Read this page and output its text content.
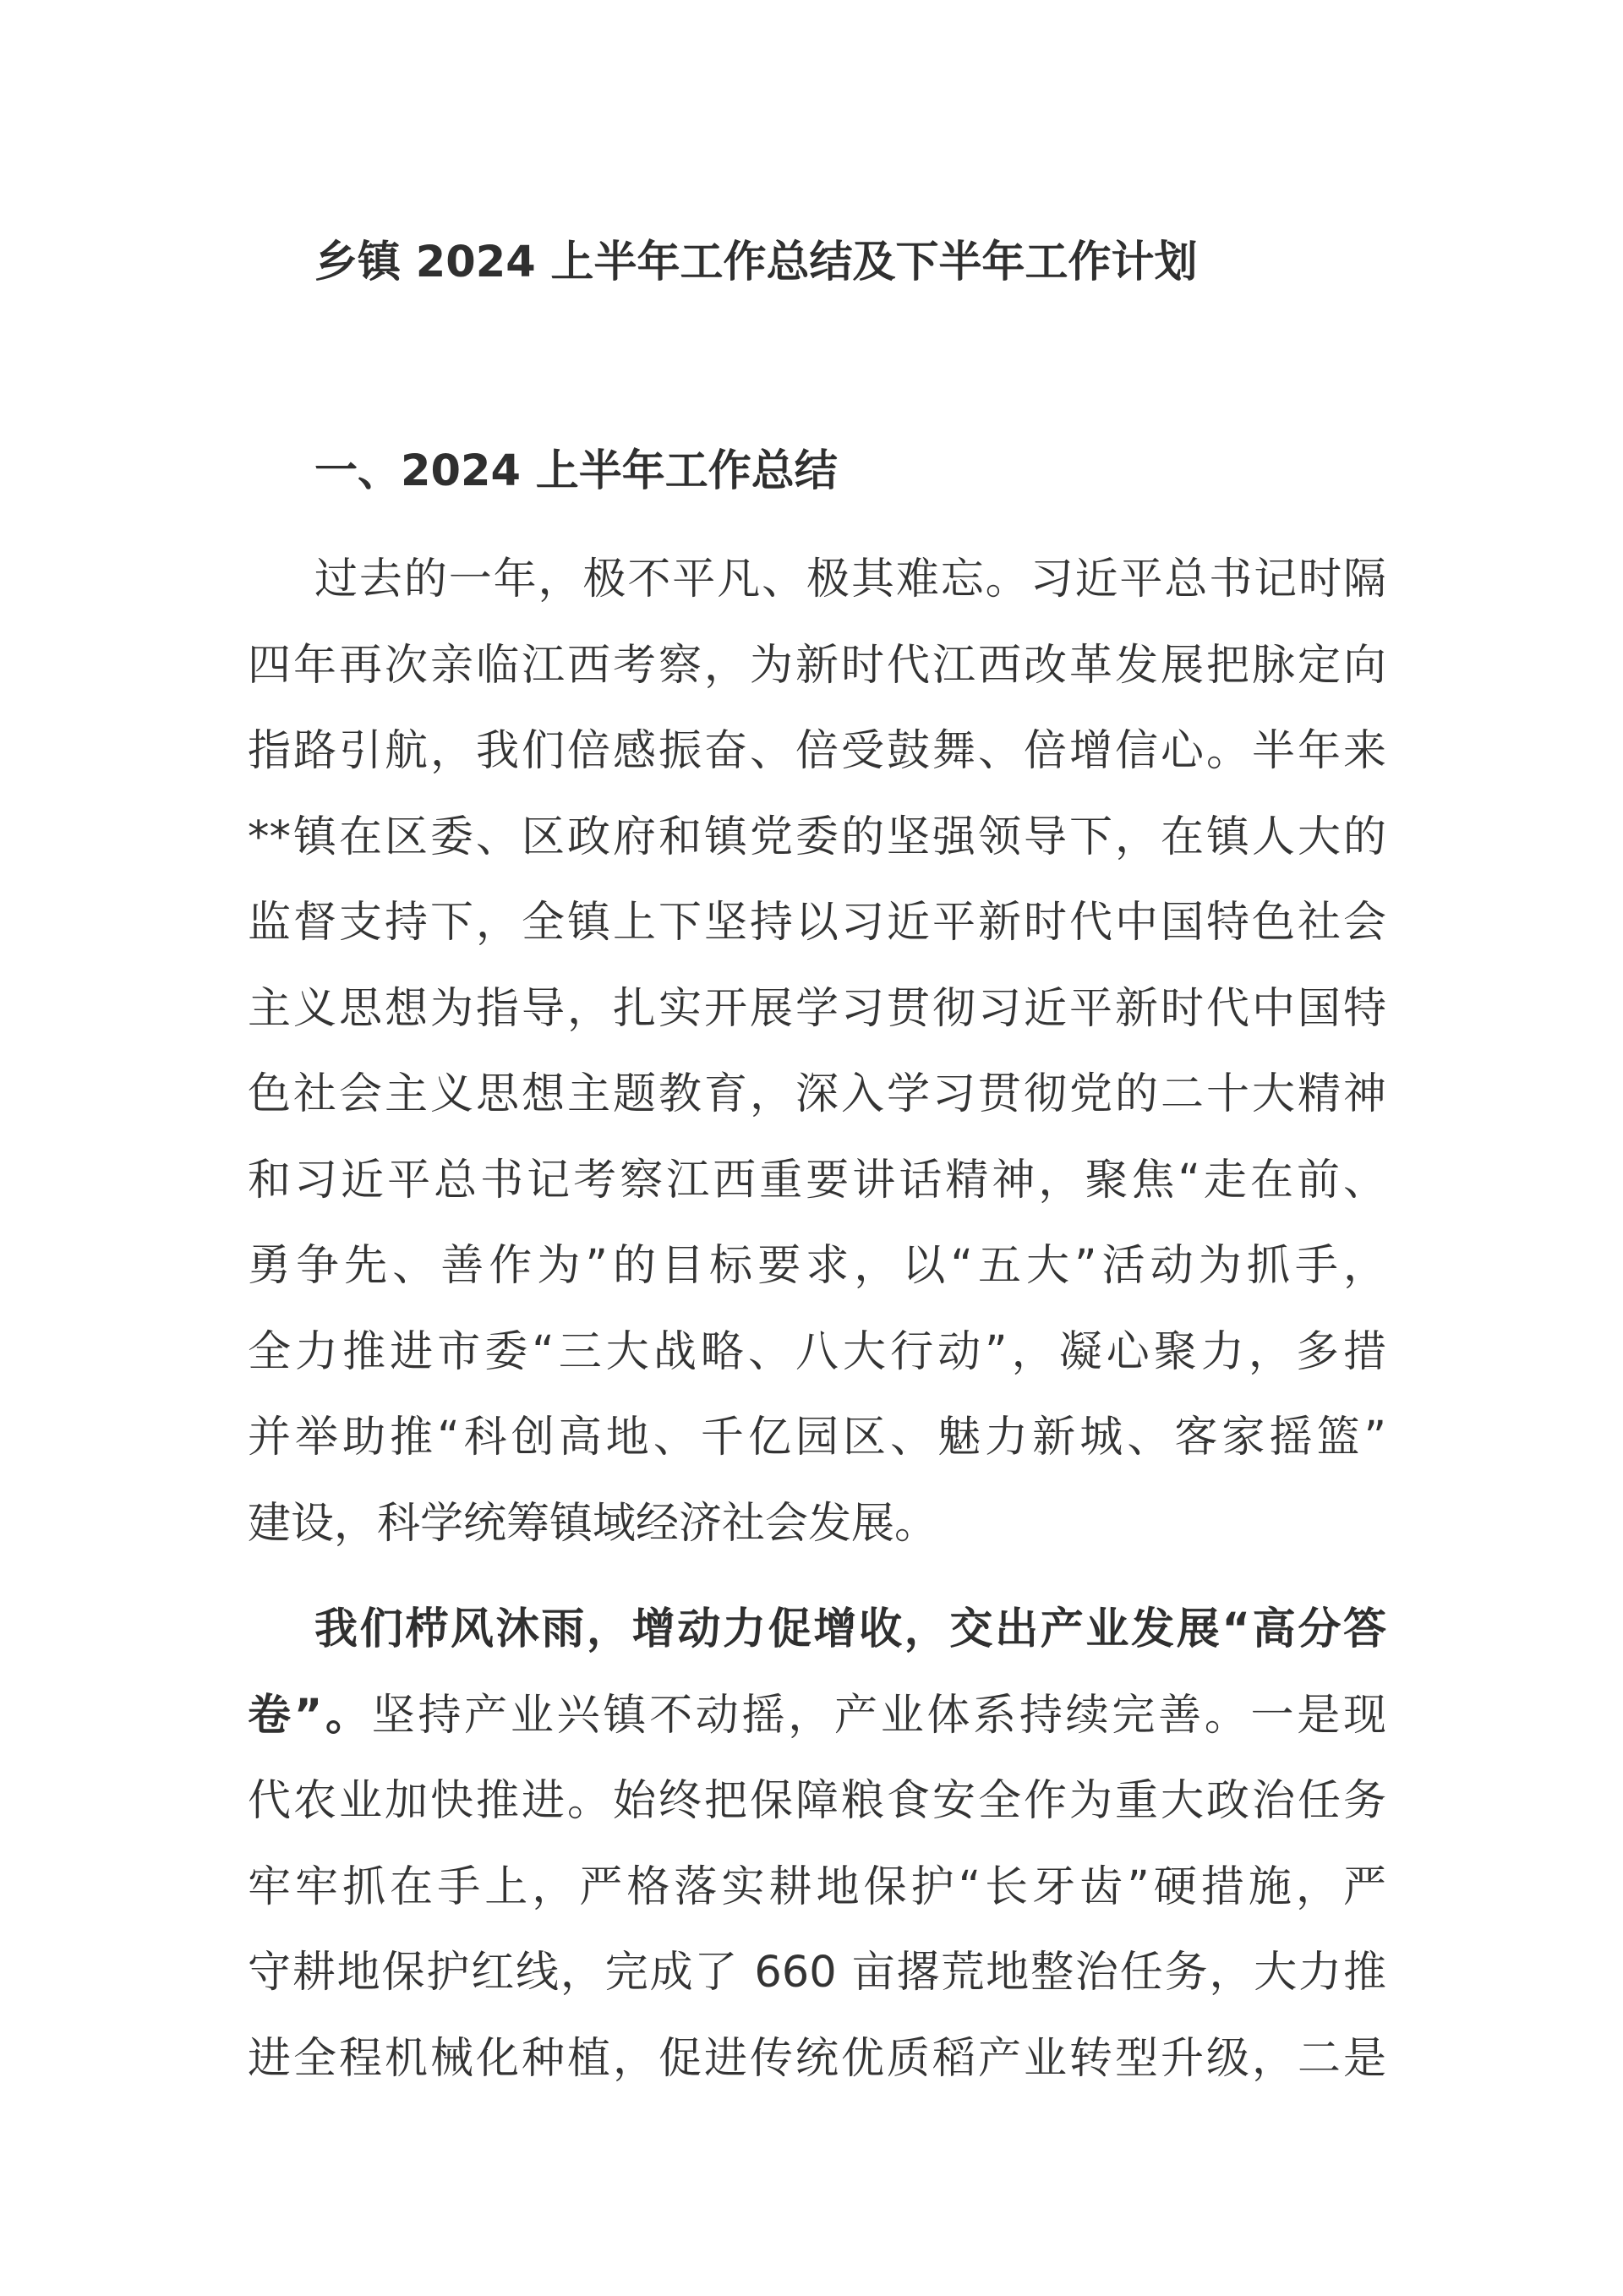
乡镇 2024 上半年工作总结及下半年工作计划
一、2024 上半年工作总结
过去的一年，极不平凡、极其难忘。习近平总书记时隔
四年再次亲临江西考察，为新时代江西改革发展把脉定向
指路引航，我们倍感振奋、倍受鼓舞、倍增信心。半年来
**镇在区委、区政府和镇党委的坚强领导下，在镇人大的
监督支持下，全镇上下坚持以习近平新时代中国特色社会
主义思想为指导，扎实开展学习贯彻习近平新时代中国特
色社会主义思想主题教育，深入学习贯彻党的二十大精神
和习近平总书记考察江西重要讲话精神，聚焦“走在前、
勇争先、善作为”的目标要求，以“五大”活动为抓手，
全力推进市委“三大战略、八大行动”，凝心聚力，多措
并举助推“科创高地、千亿园区、魅力新城、客家摇篮”
建设，科学统筹镇域经济社会发展。
我们栉风沐雨，增动力促增收，交出产业发展“高分答
卷”。坚持产业兴镇不动摇，产业体系持续完善。一是现
代农业加快推进。始终把保障粮食安全作为重大政治任务
牢牢抓在手上，严格落实耕地保护“长牙齿”硬措施，严
守耕地保护红线，完成了 660 亩撂荒地整治任务，大力推
进全程机械化种植，促进传统优质稻产业转型升级，二是
